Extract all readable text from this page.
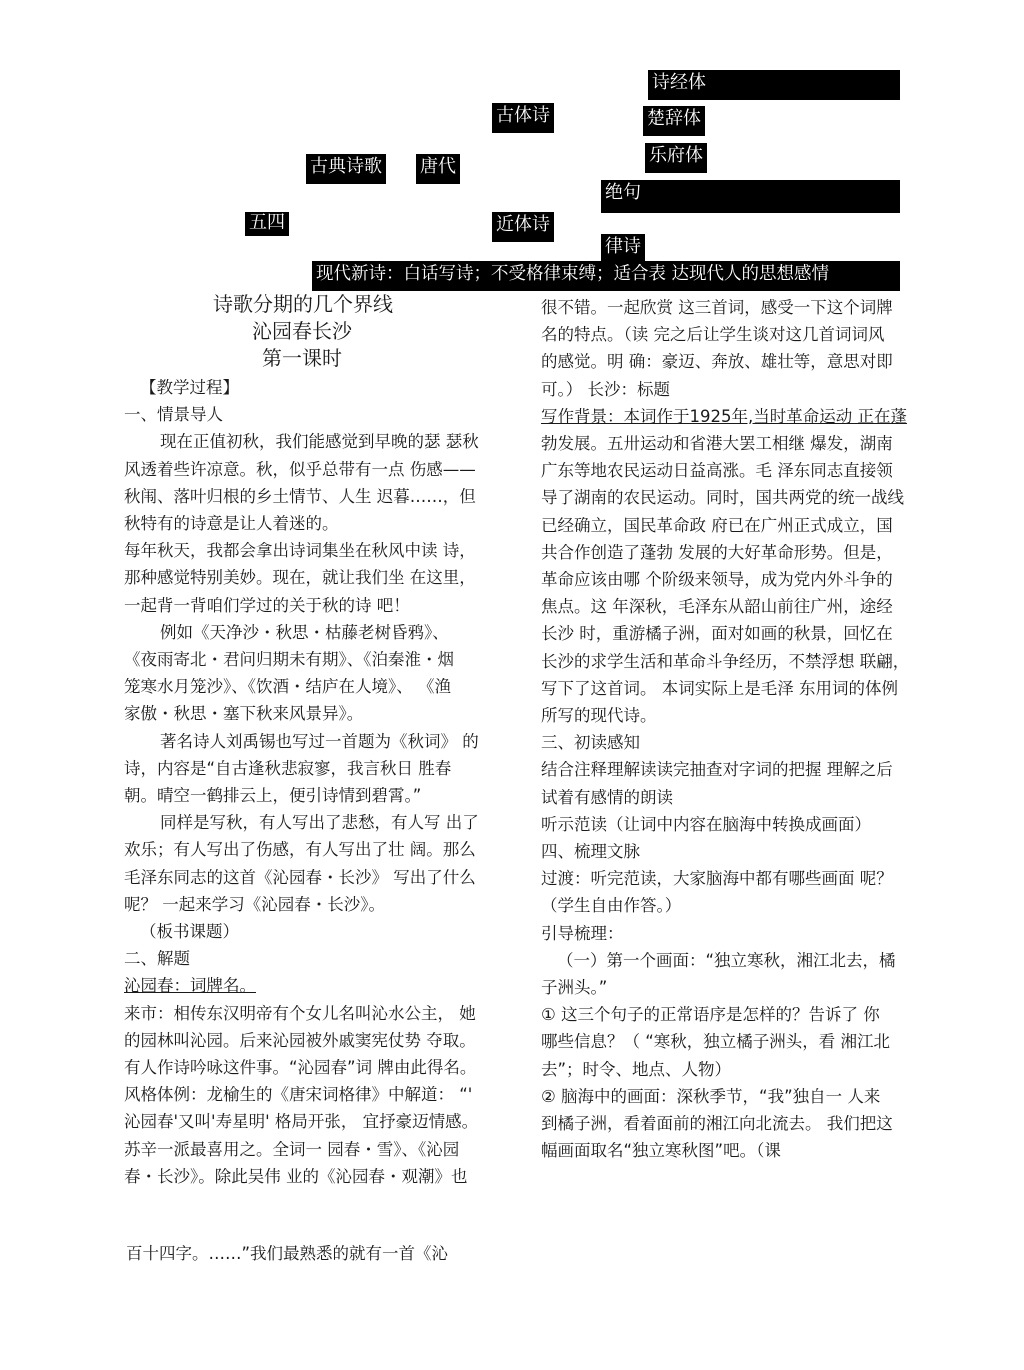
诗经体
古体诗	楚辞体
乐府体
古典诗歌 唐代
绝句
五四	近体诗
律诗
现代新诗：白话写诗；不受格律束缚；适合表 达现代人的思想感情
诗歌分期的几个界线
沁园春长沙
第一课时

【教学过程】

一、情景导人

现在正值初秋，我们能感觉到早晚的瑟 瑟秋

风透着些许凉意。秋，似乎总带有一点 伤感——

秋闱、落叶归根的乡土情节、人生 迟暮……，但

秋特有的诗意是让人着迷的。

每年秋天，我都会拿出诗词集坐在秋风中读 诗，

那种感觉特别美妙。现在，就让我们坐 在这里，

一起背一背咱们学过的关于秋的诗 吧！

例如《天净沙・秋思・枯藤老树昏鸦》、

《夜雨寄北・君问归期未有期》、《泊秦淮・烟

笼寒水月笼沙》、《饮酒・结庐在人境》、 《渔

家傲・秋思・塞下秋来风景异》。

著名诗人刘禹锡也写过一首题为《秋词》 的

诗，内容是“自古逢秋悲寂寥，我言秋日 胜春

朝。晴空一鹤排云上，便引诗情到碧霄。”

同样是写秋，有人写出了悲愁，有人写 出了

欢乐；有人写出了伤感，有人写出了壮 阔。那么

毛泽东同志的这首《沁园春・长沙》 写出了什么

呢？ 一起来学习《沁园春・长沙》。

（板书课题）

二、解题

沁园春：词牌名。

来市：相传东汉明帝有个女儿名叫沁水公主， 她

的园林叫沁园。后来沁园被外戚窦宪仗势 夺取。

有人作诗吟咏这件事。“沁园春”词 牌由此得名。

风格体例：龙榆生的《唐宋词格律》中解道： “'

沁园春'又叫'寿星明' 格局开张， 宜抒豪迈情感。

苏辛一派最喜用之。全词一 园春・雪》、《沁园

春・长沙》。除此吴伟 业的《沁园春・观潮》也

很不错。一起欣赏 这三首词，感受一下这个词牌

名的特点。（读 完之后让学生谈对这几首词词风

的感觉。明 确：豪迈、奔放、雄壮等，意思对即

可。） 长沙：标题

写作背景：本词作于1925年,当时革命运动 正在蓬

勃发展。五卅运动和省港大罢工相继 爆发，湖南

广东等地农民运动日益高涨。毛 泽东同志直接领

导了湖南的农民运动。同时，国共两党的统一战线

已经确立，国民革命政 府已在广州正式成立，国

共合作创造了蓬勃 发展的大好革命形势。但是，

革命应该由哪 个阶级来领导，成为党内外斗争的

焦点。这 年深秋，毛泽东从韶山前往广州，途经

长沙 时，重游橘子洲，面对如画的秋景，回忆在

长沙的求学生活和革命斗争经历，不禁浮想 联翩，

写下了这首词。 本词实际上是毛泽 东用词的体例

所写的现代诗。

三、初读感知

结合注释理解读读完抽查对字词的把握 理解之后

试着有感情的朗读

听示范读（让词中内容在脑海中转换成画面）

四、梳理文脉

过渡：听完范读，大家脑海中都有哪些画面 呢？

（学生自由作答。）

引导梳理：

（一）第一个画面：“独立寒秋，湘江北去，橘

子洲头。”

① 这三个句子的正常语序是怎样的？告诉了 你

哪些信息？（ “寒秋，独立橘子洲头，看 湘江北

去”；时令、地点、人物）

② 脑海中的画面：深秋季节，“我”独自一 人来

到橘子洲，看着面前的湘江向北流去。 我们把这

幅画面取名“独立寒秋图”吧。（课

百十四字。……”我们最熟悉的就有一首《沁
